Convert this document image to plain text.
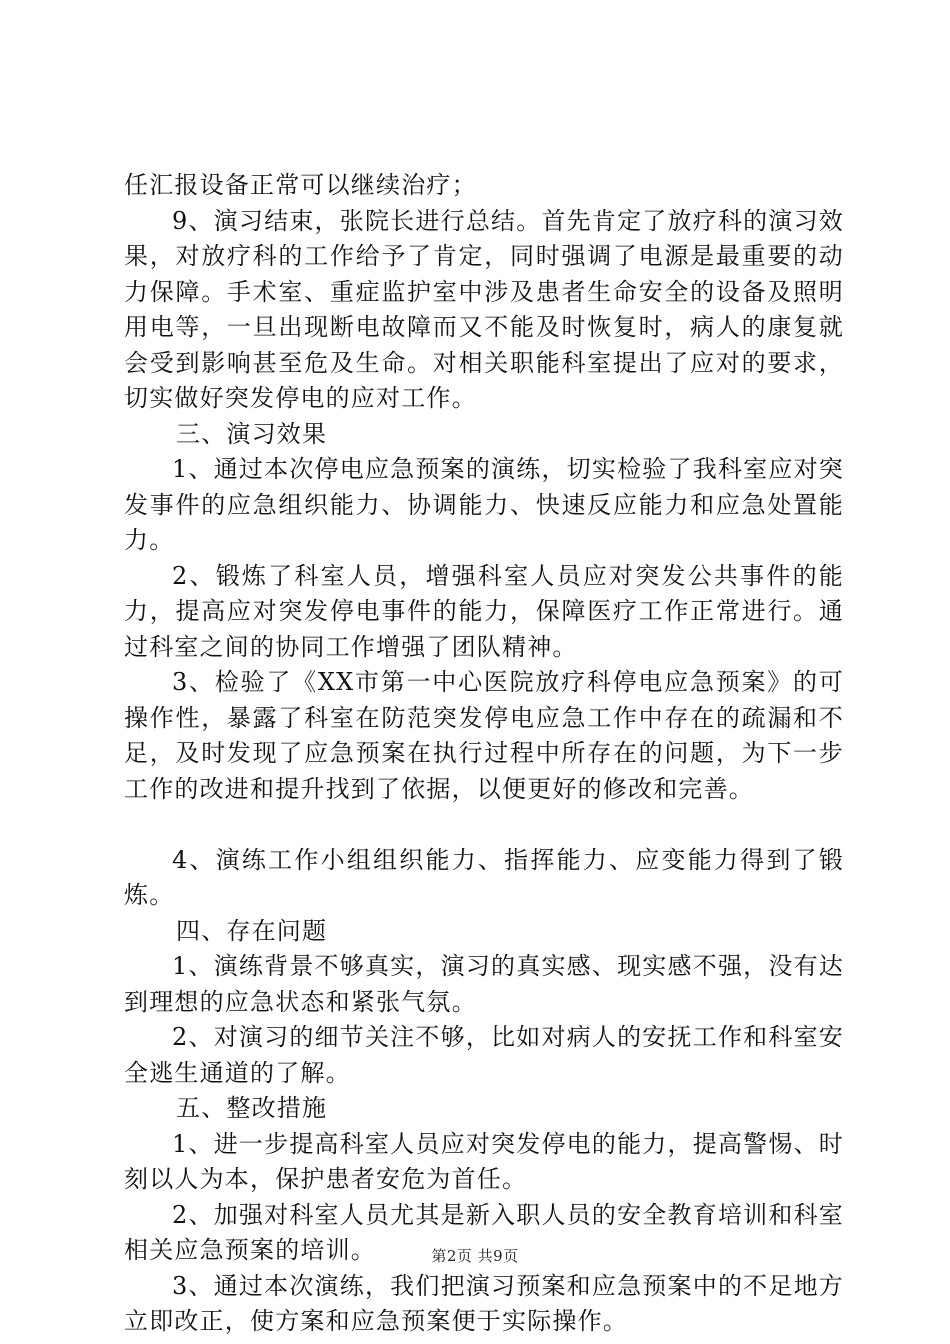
任汇报设备正常可以继续治疗；

9、演习结束，张院长进行总结。首先肯定了放疗科的演习效果，对放疗科的工作给予了肯定，同时强调了电源是最重要的动力保障。手术室、重症监护室中涉及患者生命安全的设备及照明用电等，一旦出现断电故障而又不能及时恢复时，病人的康复就会受到影响甚至危及生命。对相关职能科室提出了应对的要求，切实做好突发停电的应对工作。

三、演习效果

1、通过本次停电应急预案的演练，切实检验了我科室应对突发事件的应急组织能力、协调能力、快速反应能力和应急处置能力。

2、锻炼了科室人员，增强科室人员应对突发公共事件的能力，提高应对突发停电事件的能力，保障医疗工作正常进行。通过科室之间的协同工作增强了团队精神。

3、检验了《XX市第一中心医院放疗科停电应急预案》的可操作性，暴露了科室在防范突发停电应急工作中存在的疏漏和不足，及时发现了应急预案在执行过程中所存在的问题，为下一步工作的改进和提升找到了依据，以便更好的修改和完善。

4、演练工作小组组织能力、指挥能力、应变能力得到了锻炼。

四、存在问题

1、演练背景不够真实，演习的真实感、现实感不强，没有达到理想的应急状态和紧张气氛。

2、对演习的细节关注不够，比如对病人的安抚工作和科室安全逃生通道的了解。

五、整改措施

1、进一步提高科室人员应对突发停电的能力，提高警惕、时刻以人为本，保护患者安危为首任。

2、加强对科室人员尤其是新入职人员的安全教育培训和科室相关应急预案的培训。

3、通过本次演练，我们把演习预案和应急预案中的不足地方立即改正，使方案和应急预案便于实际操作。

第2页 共9页
